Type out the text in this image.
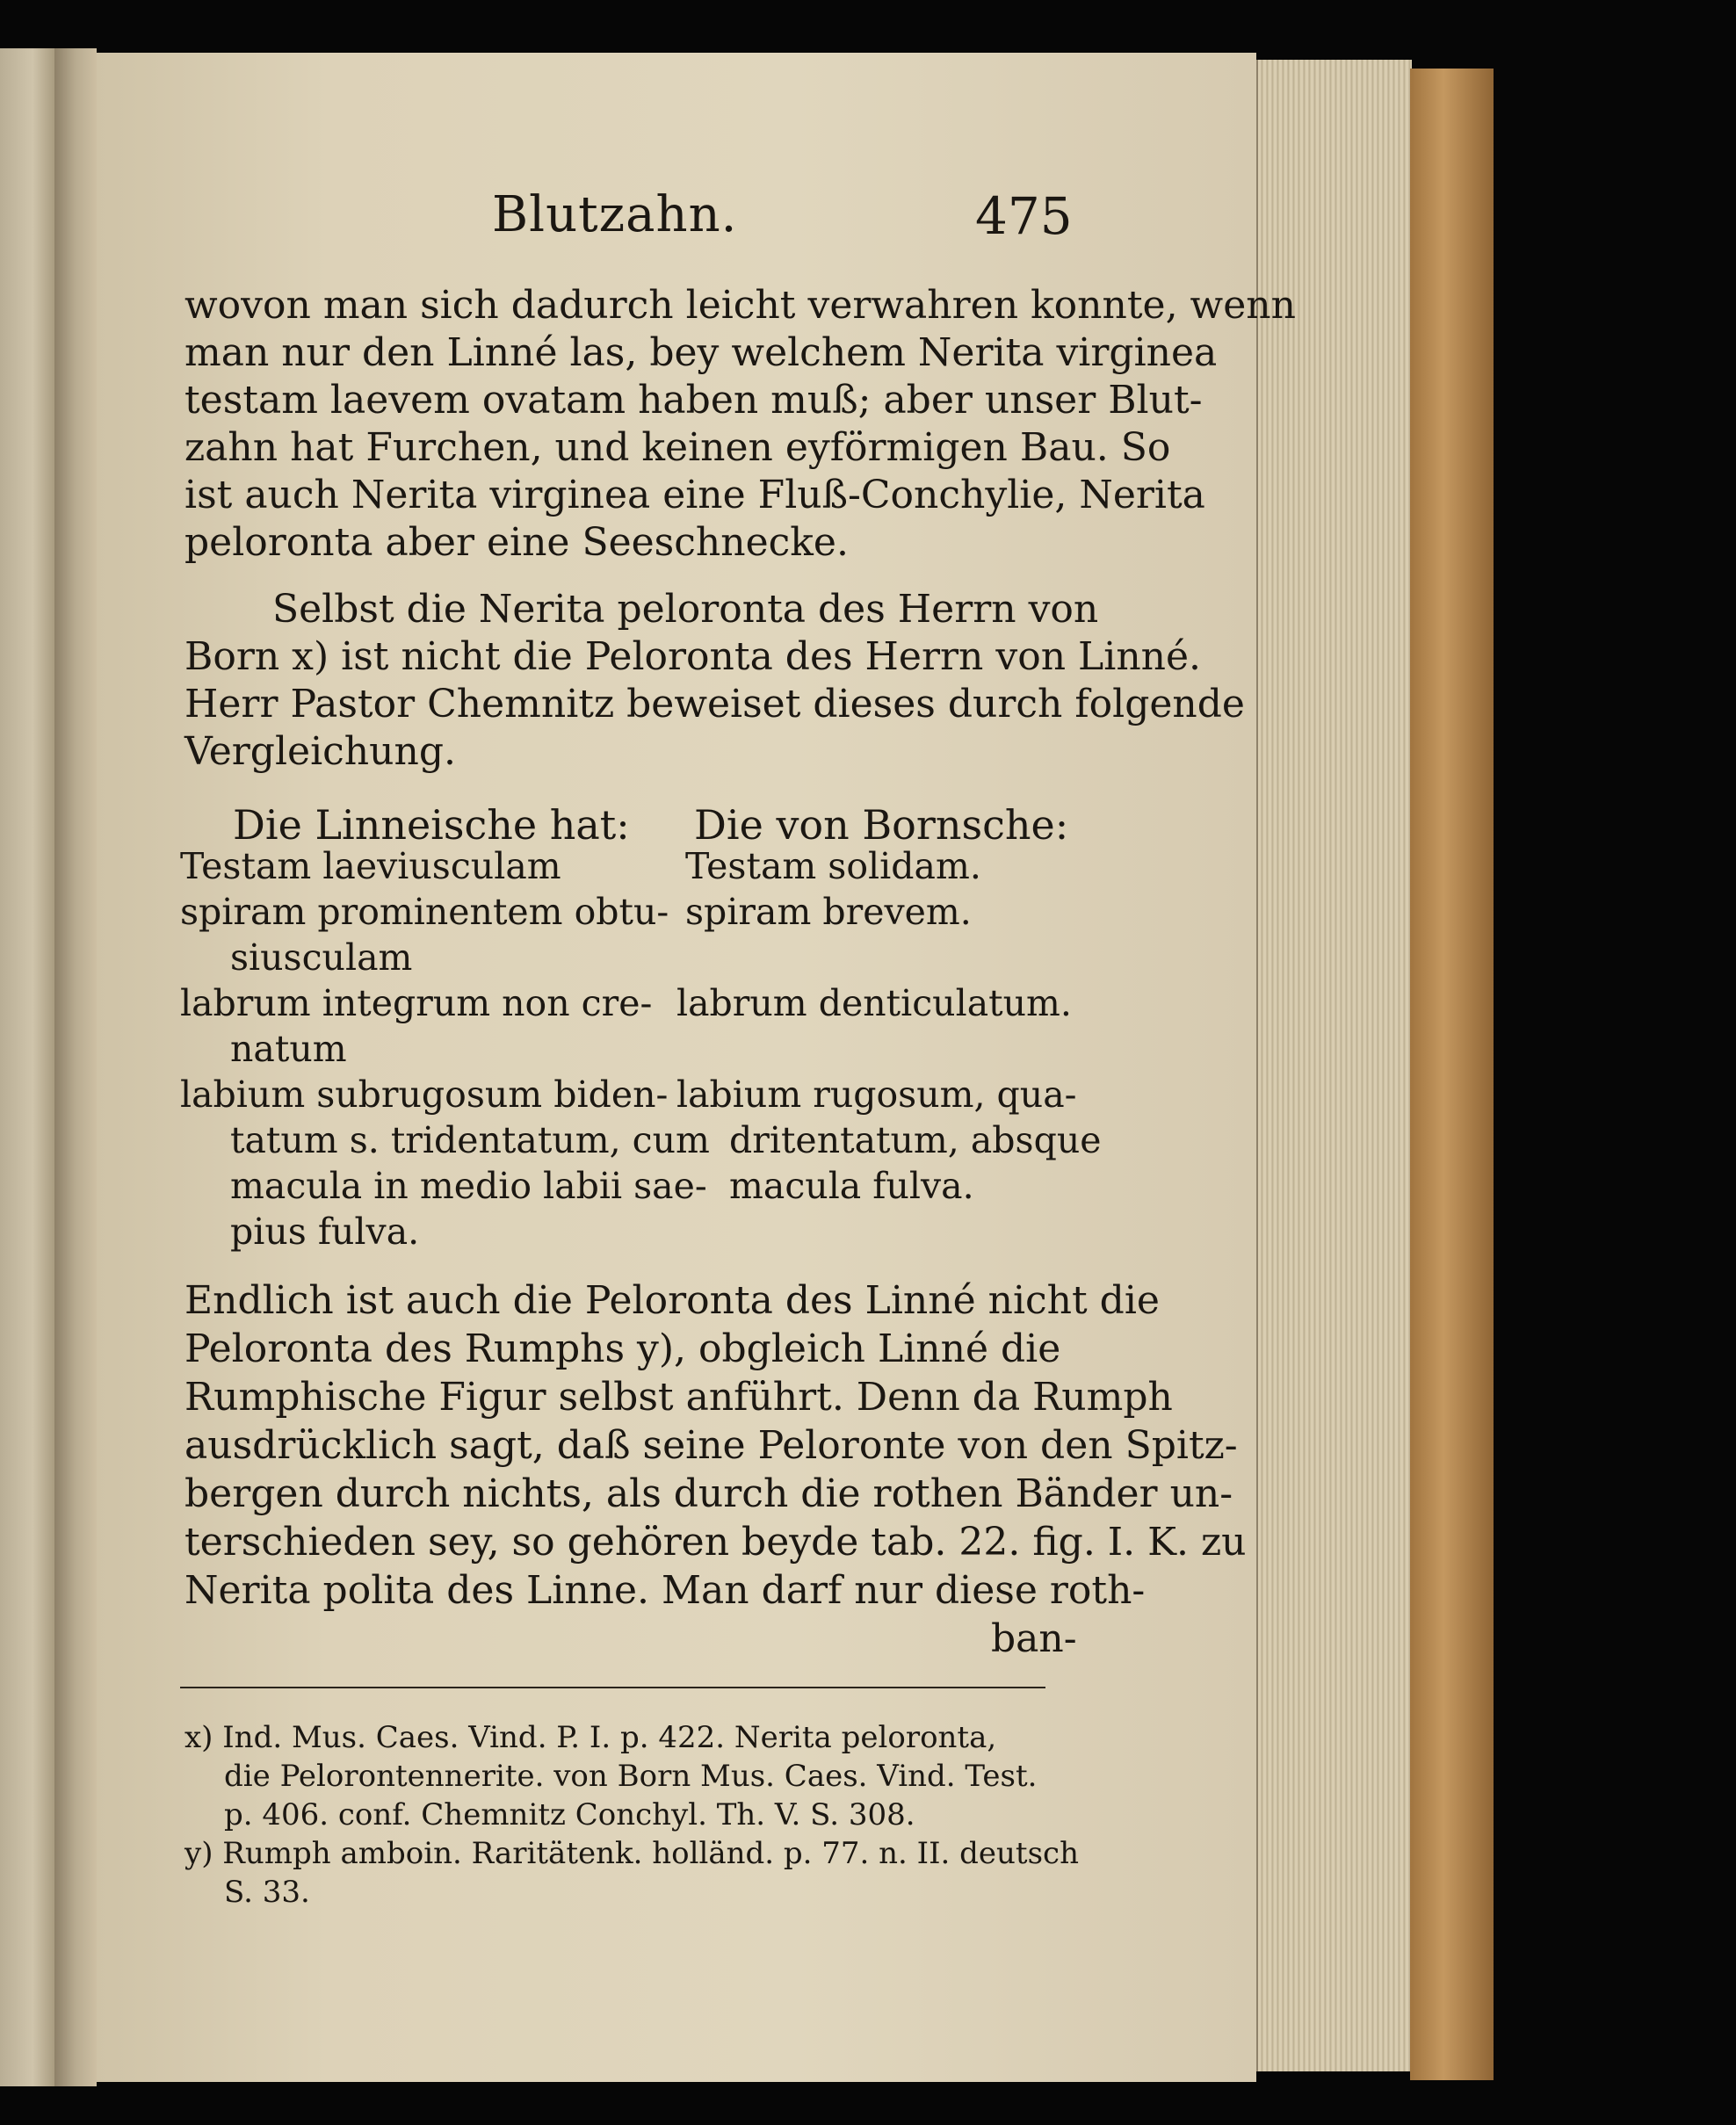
Blutzahn.	475
wovon man sich dadurch leicht verwahren konnte, wenn
man nur den Linné las, bey welchem Nerita virginea
testam laevem ovatam haben muß; aber unser Blut-
zahn hat Furchen, und keinen eyförmigen Bau. So
ist auch Nerita virginea eine Fluß-Conchylie, Nerita
peloronta aber eine Seeschnecke.
Selbst die Nerita peloronta des Herrn von
Born x) ist nicht die Peloronta des Herrn von Linné.
Herr Pastor Chemnitz beweiset dieses durch folgende
Vergleichung.
Die Linneische hat: Die von Bornsche:
Testam laeviusculam
spiram prominentem obtu-
siusculam
labrum integrum non cre-
natum
labium subrugosum biden-
tatum s. tridentatum, cum
macula in medio labii sae-
pius fulva.
Testam solidam.
spiram brevem.
labrum denticulatum.
labium rugosum, qua-
dritentatum, absque
macula fulva.
Endlich ist auch die Peloronta des Linné nicht die
Peloronta des Rumphs y), obgleich Linné die
Rumphische Figur selbst anführt. Denn da Rumph
ausdrücklich sagt, daß seine Peloronte von den Spitz-
bergen durch nichts, als durch die rothen Bänder un-
terschieden sey, so gehören beyde tab. 22. fig. I. K. zu
Nerita polita des Linne. Man darf nur diese roth-
ban-
x) Ind. Mus. Caes. Vind. P. I. p. 422. Nerita peloronta,
die Pelorontennerite. von Born Mus. Caes. Vind. Test.
p. 406. conf. Chemnitz Conchyl. Th. V. S. 308.
y) Rumph amboin. Raritätenk. holländ. p. 77. n. II. deutsch
S. 33.
